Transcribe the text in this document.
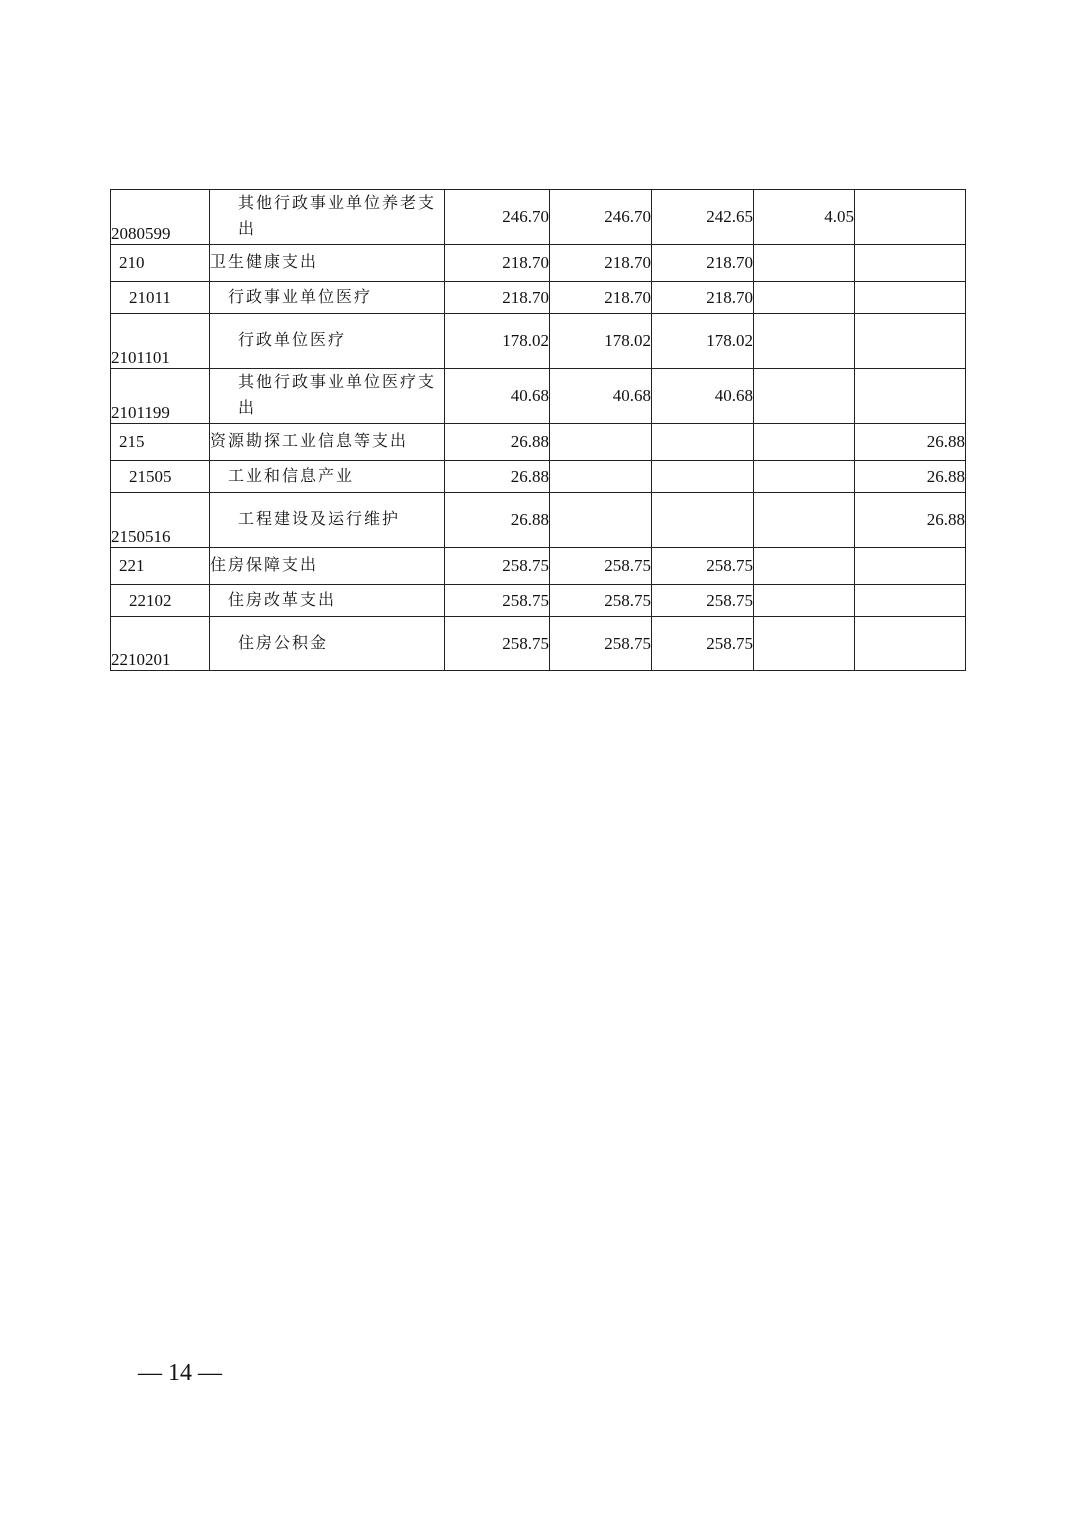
2080599	其他行政事业单位养老支出	246.70	246.70	242.65	4.05	
210	卫生健康支出	218.70	218.70	218.70		
21011	行政事业单位医疗	218.70	218.70	218.70		
2101101	行政单位医疗	178.02	178.02	178.02		
2101199	其他行政事业单位医疗支出	40.68	40.68	40.68		
215	资源勘探工业信息等支出	26.88				26.88
21505	工业和信息产业	26.88				26.88
2150516	工程建设及运行维护	26.88				26.88
221	住房保障支出	258.75	258.75	258.75		
22102	住房改革支出	258.75	258.75	258.75		
2210201	住房公积金	258.75	258.75	258.75		
— 14 —
